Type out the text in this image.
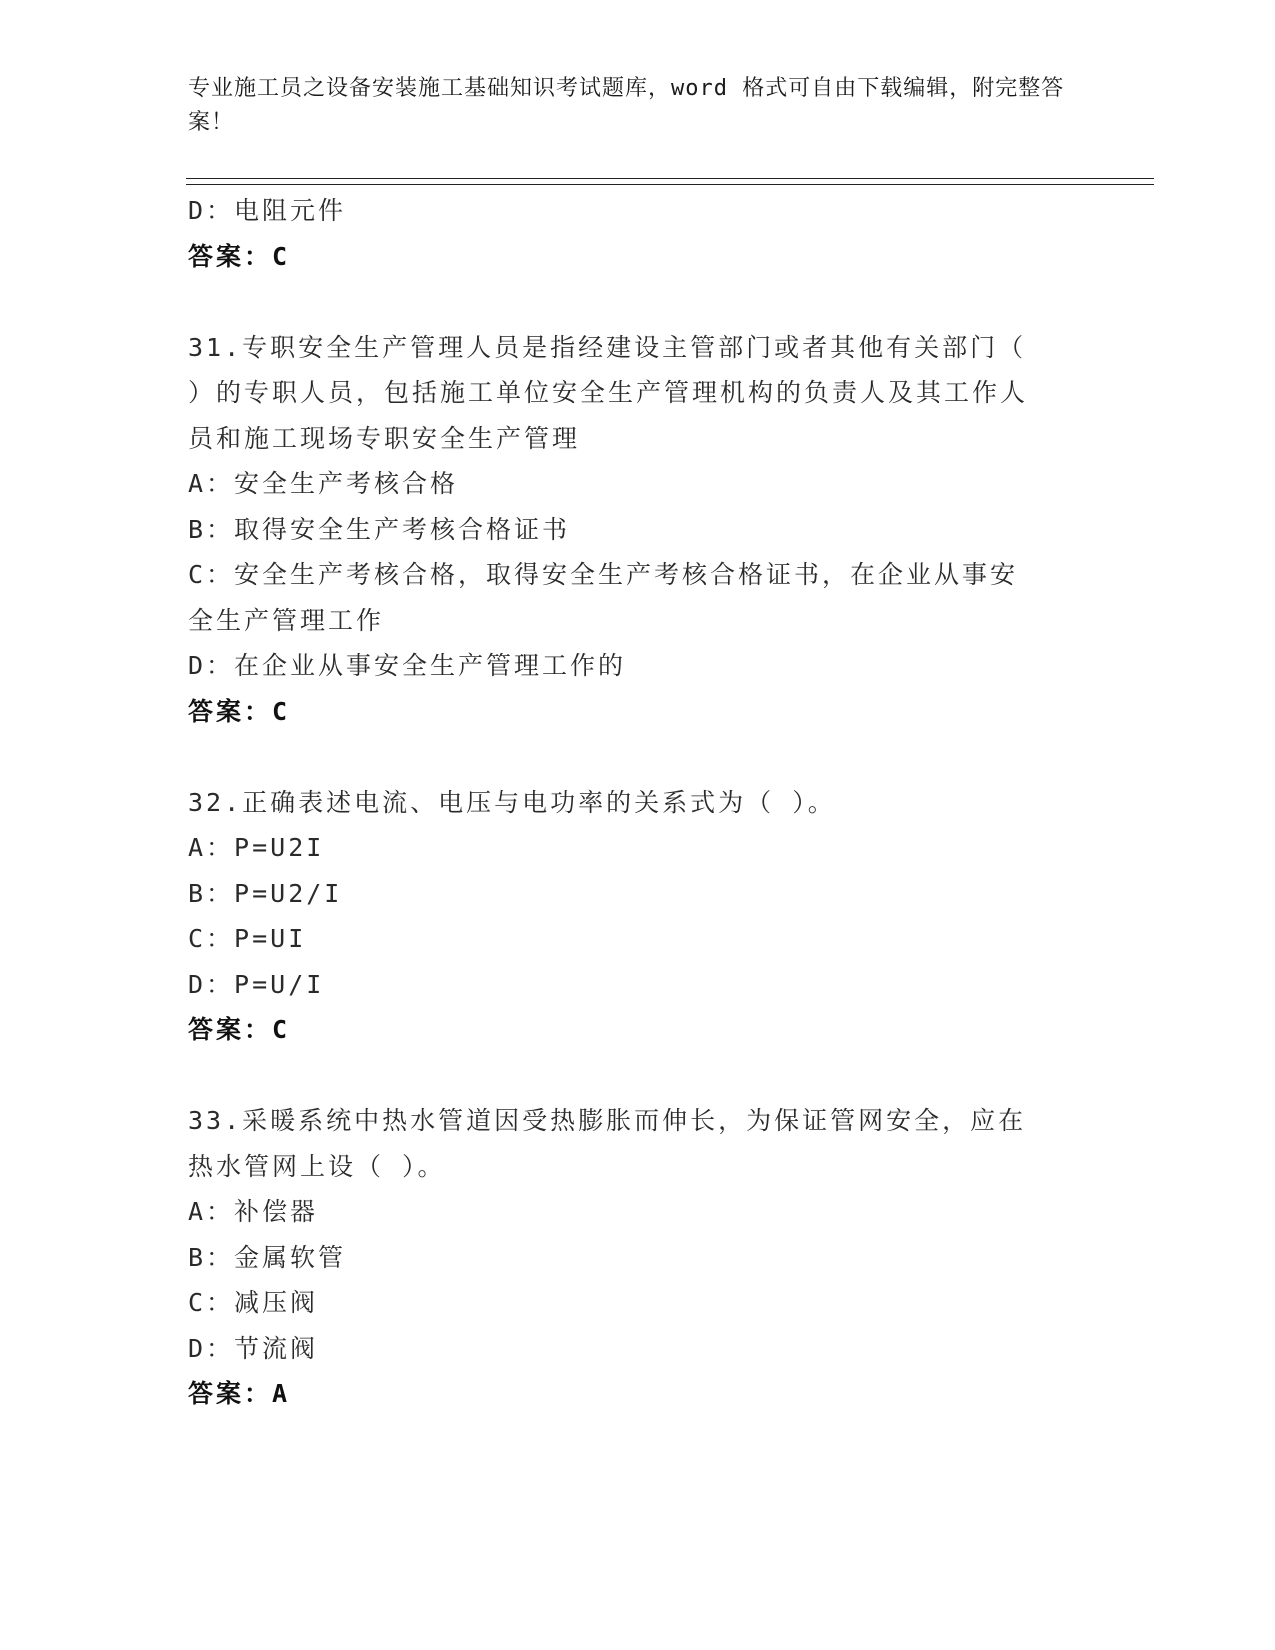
专业施工员之设备安装施工基础知识考试题库，word 格式可自由下载编辑，附完整答案！

D：电阻元件

答案：C

31.专职安全生产管理人员是指经建设主管部门或者其他有关部门（ ）的专职人员，包括施工单位安全生产管理机构的负责人及其工作人员和施工现场专职安全生产管理

A：安全生产考核合格

B：取得安全生产考核合格证书

C：安全生产考核合格，取得安全生产考核合格证书，在企业从事安全生产管理工作

D：在企业从事安全生产管理工作的

答案：C

32.正确表述电流、电压与电功率的关系式为（ ）。

A：P=U2I

B：P=U2/I

C：P=UI

D：P=U/I

答案：C

33.采暖系统中热水管道因受热膨胀而伸长，为保证管网安全，应在热水管网上设（ ）。

A：补偿器

B：金属软管

C：减压阀

D：节流阀

答案：A
